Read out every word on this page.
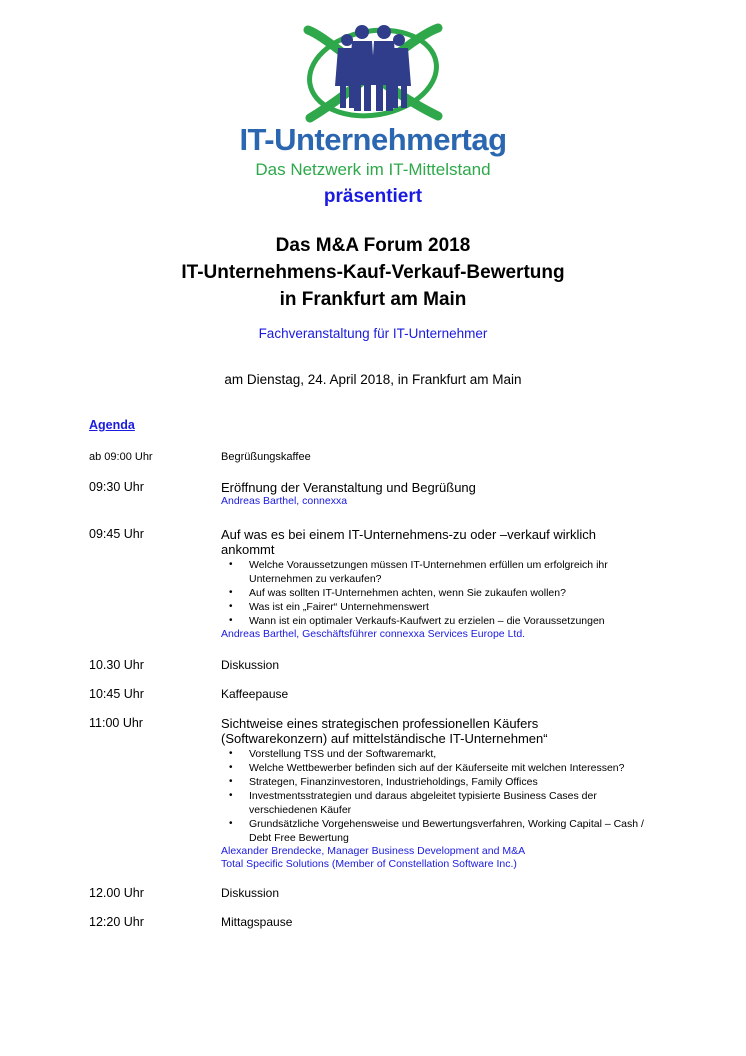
IT-Unternehmertag
Das Netzwerk im IT-Mittelstand
präsentiert
Das M&A Forum 2018
IT-Unternehmens-Kauf-Verkauf-Bewertung
in Frankfurt am Main
Fachveranstaltung für IT-Unternehmer
am Dienstag, 24. April 2018, in Frankfurt am Main
Agenda
ab 09:00 Uhr	Begrüßungskaffee
09:30 Uhr	Eröffnung der Veranstaltung und Begrüßung
Andreas Barthel, connexxa
09:45 Uhr	Auf was es bei einem IT-Unternehmens-zu oder –verkauf wirklich ankommt
• Welche Voraussetzungen müssen IT-Unternehmen erfüllen um erfolgreich ihr Unternehmen zu verkaufen?
• Auf was sollten IT-Unternehmen achten, wenn Sie zukaufen wollen?
• Was ist ein „Fairer“ Unternehmenswert
• Wann ist ein optimaler Verkaufs-Kaufwert zu erzielen – die Voraussetzungen
Andreas Barthel, Geschäftsführer connexxa Services Europe Ltd.
10.30 Uhr	Diskussion
10:45 Uhr	Kaffeepause
11:00 Uhr	Sichtweise eines strategischen professionellen Käufers (Softwarekonzern) auf mittelständische IT-Unternehmen“
• Vorstellung TSS und der Softwaremarkt,
• Welche Wettbewerber befinden sich auf der Käuferseite mit welchen Interessen?
• Strategen, Finanzinvestoren, Industrieholdings, Family Offices
• Investmentsstrategien und daraus abgeleitet typisierte Business Cases der verschiedenen Käufer
• Grundsätzliche Vorgehensweise und Bewertungsverfahren, Working Capital – Cash / Debt Free Bewertung
Alexander Brendecke, Manager Business Development and M&A
Total Specific Solutions (Member of Constellation Software Inc.)
12.00 Uhr	Diskussion
12:20 Uhr	Mittagspause
